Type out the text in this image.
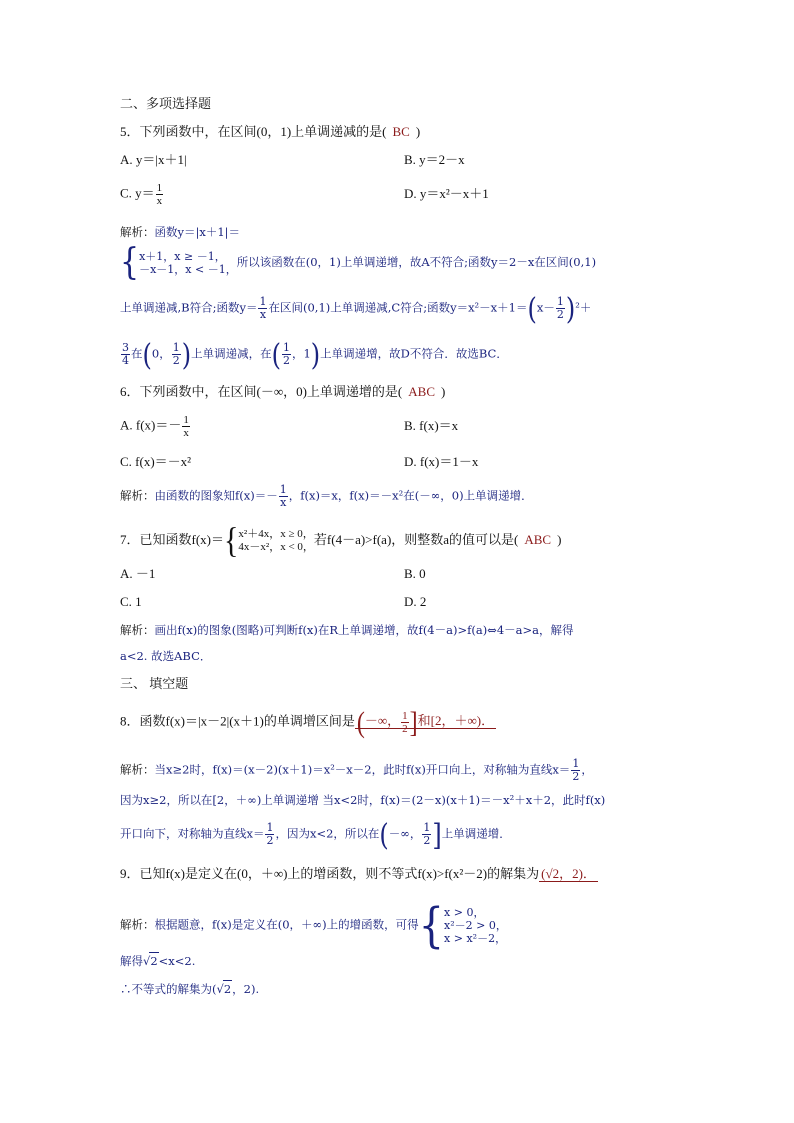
二、多项选择题
5．下列函数中，在区间(0，1)上单调递减的是( BC )
A. y＝|x＋1|	B. y＝2－x
C. $y= \frac{1}{x}$	D. y＝x²－x＋1
解析：函数y＝|x＋1|＝
{ x＋1，x ≥ －1，
－x－1，x < －1，
所以该函数在(0，1)上单调递增，故A不符合;函数y＝2－x在区间(0,1)
上单调递减,B符合;函数$y= \frac{1}{x}$ 在区间(0,1)上单调递减,C符合;函数$y=x^2-x+1=(x- \frac{1}{2} )^2+$
$\frac{3}{4}$ 在(0， $\frac{1}{2}$ )上单调递减，在( $\frac{1}{2}$ ，1)上单调递增，故D不符合．故选BC．
6．下列函数中，在区间(－∞，0)上单调递增的是( ABC )
A. $f(x)=- \frac{1}{x}$	B. f(x)＝x
C. f(x)＝－x²	D. f(x)＝1－x
解析：由函数的图象知$f(x)=- \frac{1}{x}$ ，f(x)＝x，f(x)＝－x²在(－∞，0)上单调递增．
7．已知函数f(x)＝{ x²＋4x，x ≥ 0，
4x－x²，x < 0，
若f(4－a)>f(a)，则整数a的值可以是( ABC )
A. －1	B. 0
C. 1	D. 2
解析：画出f(x)的图象(图略)可判断f(x)在R上单调递增，故f(4－a)>f(a)⇔4－a>a，解得
a<2. 故选ABC．
三、 填空题
8．函数f(x)＝|x－2|(x＋1)的单调增区间是(－∞， $\frac{1}{2}$ ]和[2，＋∞)．
解析：当x≥2时，f(x)＝(x－2)(x＋1)＝x²－x－2，此时f(x)开口向上，对称轴为直线$x= \frac{1}{2}$ ，
因为x≥2，所以在[2，＋∞)上单调递增 当x<2时，f(x)＝(2－x)(x＋1)＝－x²＋x＋2，此时f(x)
开口向下，对称轴为直线$x= \frac{1}{2}$ ，因为x<2，所以在(－∞， $\frac{1}{2}$ ]上单调递增．
9．已知f(x)是定义在(0，＋∞)上的增函数，则不等式f(x)>f(x²－2)的解集为 (√2，2)．
解析：根据题意，f(x)是定义在(0，＋∞)上的增函数，可得{ x > 0，
x²－2 > 0，
x > x²－2，
解得√2<x<2.
∴不等式的解集为(√2，2).
